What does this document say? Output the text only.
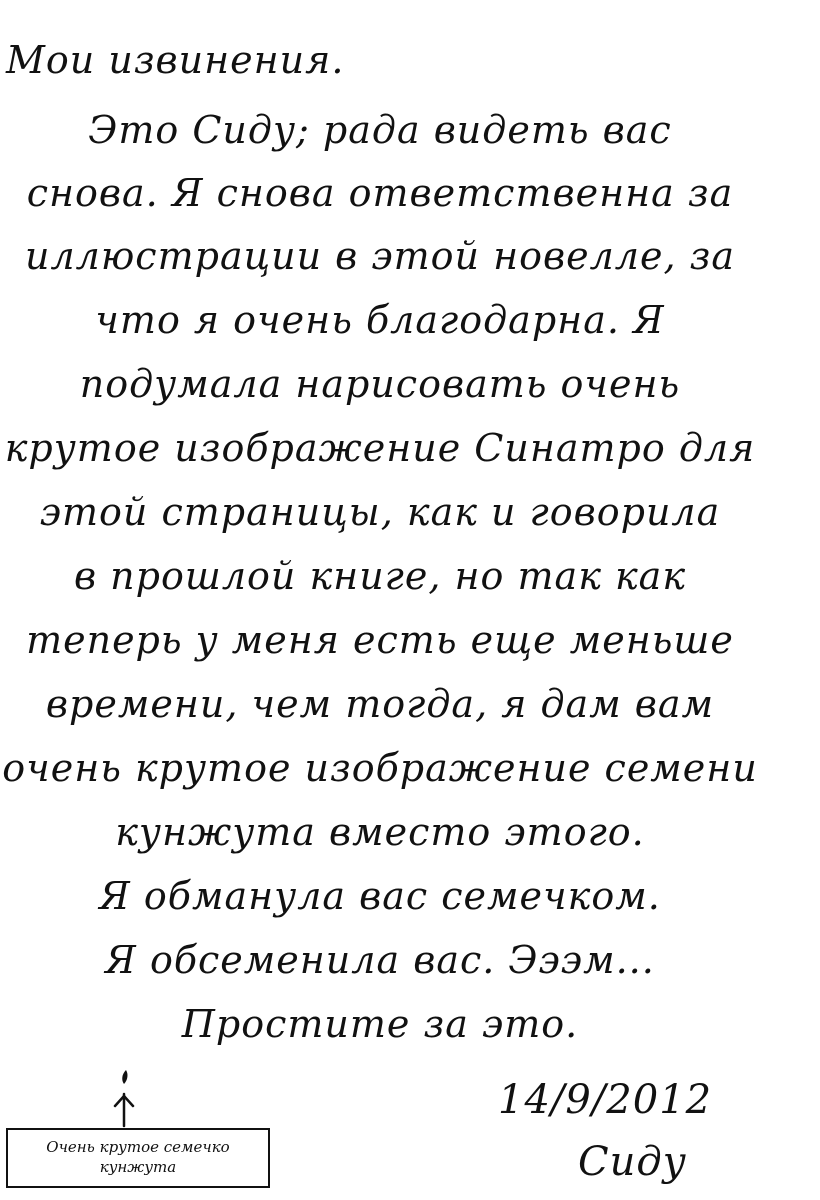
Мои извинения.
Это Сиду; рада видеть вас
снова. Я снова ответственна за
иллюстрации в этой новелле, за
что я очень благодарна. Я
подумала нарисовать очень
крутое изображение Синатро для
этой страницы, как и говорила
в прошлой книге, но так как
теперь у меня есть еще меньше
времени, чем тогда, я дам вам
очень крутое изображение семени
кунжута вместо этого.
Я обманула вас семечком.
Я обсеменила вас. Эээм...
Простите за это.
14/9/2012
Сиду
Очень крутое семечко
кунжута
